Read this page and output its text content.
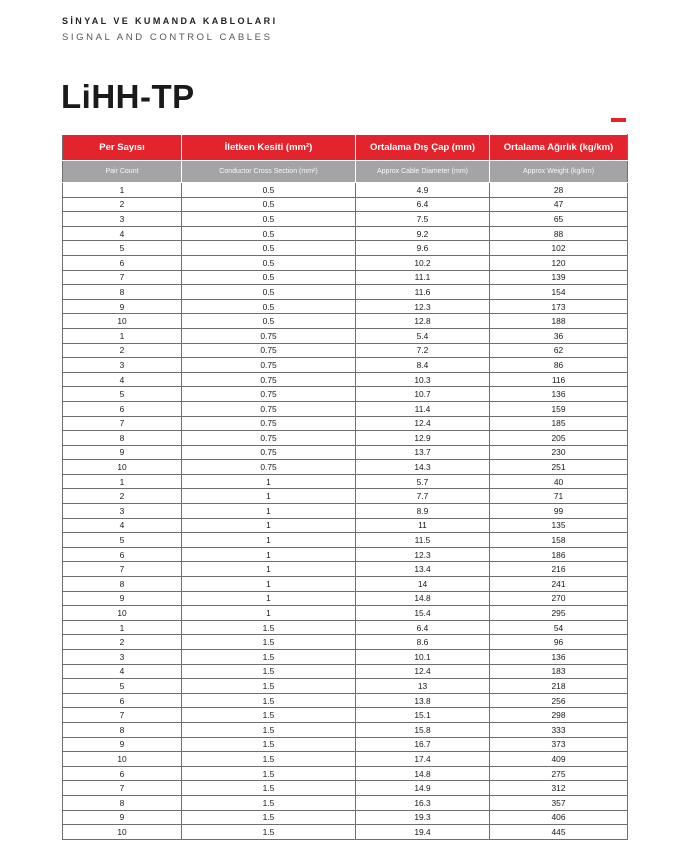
SİNYAL VE KUMANDA KABLOLARI
SIGNAL AND CONTROL CABLES
LiHH-TP
Per Sayısı	İletken Kesiti (mm²)	Ortalama Dış Çap (mm)	Ortalama Ağırlık (kg/km)
Pair Count	Conductor Cross Section (mm²)	Approx Cable Diameter (mm)	Approx Weight (kg/km)
1	0.5	4.9	28
2	0.5	6.4	47
3	0.5	7.5	65
4	0.5	9.2	88
5	0.5	9.6	102
6	0.5	10.2	120
7	0.5	11.1	139
8	0.5	11.6	154
9	0.5	12.3	173
10	0.5	12.8	188
1	0.75	5.4	36
2	0.75	7.2	62
3	0.75	8.4	86
4	0.75	10.3	116
5	0.75	10.7	136
6	0.75	11.4	159
7	0.75	12.4	185
8	0.75	12.9	205
9	0.75	13.7	230
10	0.75	14.3	251
1	1	5.7	40
2	1	7.7	71
3	1	8.9	99
4	1	11	135
5	1	11.5	158
6	1	12.3	186
7	1	13.4	216
8	1	14	241
9	1	14.8	270
10	1	15.4	295
1	1.5	6.4	54
2	1.5	8.6	96
3	1.5	10.1	136
4	1.5	12.4	183
5	1.5	13	218
6	1.5	13.8	256
7	1.5	15.1	298
8	1.5	15.8	333
9	1.5	16.7	373
10	1.5	17.4	409
6	1.5	14.8	275
7	1.5	14.9	312
8	1.5	16.3	357
9	1.5	19.3	406
10	1.5	19.4	445
